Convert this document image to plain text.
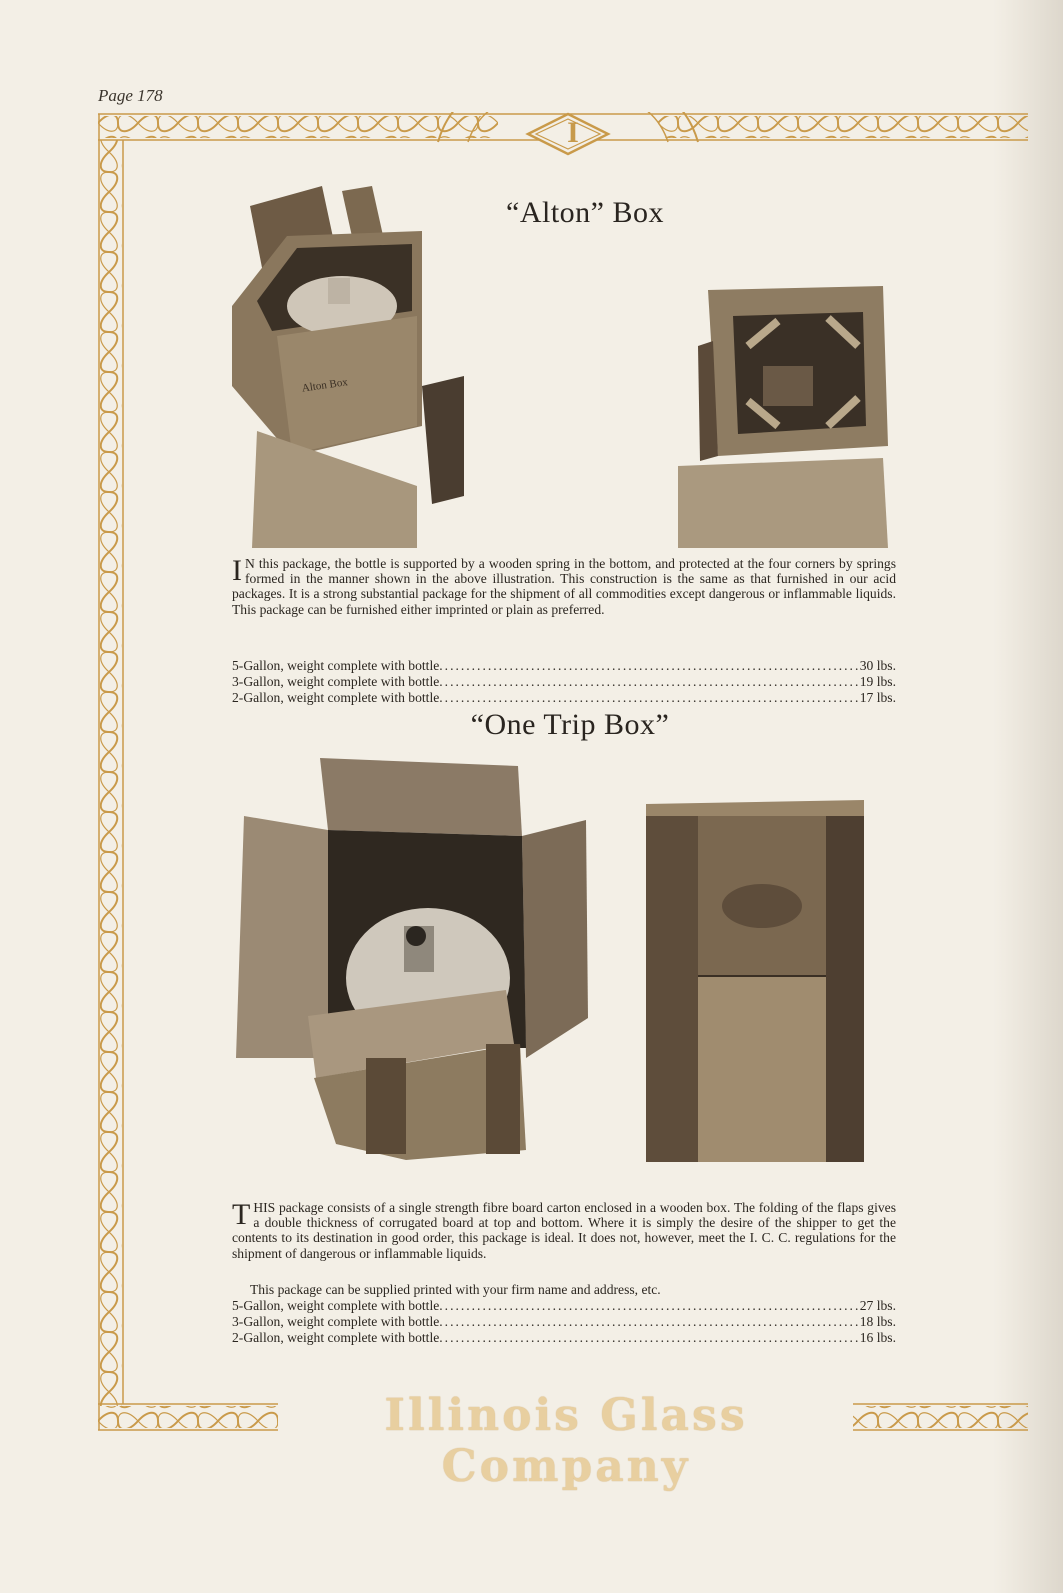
Page 178
I
“Alton” Box
Alton Box
I N this package, the bottle is supported by a wooden spring in the bottom, and protected at the four corners by springs formed in the manner shown in the above illustration. This construction is the same as that furnished in our acid packages. It is a strong substantial package for the shipment of all commodities except dangerous or inflammable liquids. This package can be furnished either imprinted or plain as preferred.
5-Gallon, weight complete with bottle .....	30 lbs.
3-Gallon, weight complete with bottle .....	19 lbs.
2-Gallon, weight complete with bottle .....	17 lbs.
“One Trip Box”
THIS package consists of a single strength fibre board carton enclosed in a wooden box. The folding of the flaps gives a double thickness of corrugated board at top and bottom. Where it is simply the desire of the shipper to get the contents to its destination in good order, this package is ideal. It does not, however, meet the I. C. C. regulations for the shipment of dangerous or inflammable liquids.
This package can be supplied printed with your firm name and address, etc.
5-Gallon, weight complete with bottle .....	27 lbs.
3-Gallon, weight complete with bottle .....	18 lbs.
2-Gallon, weight complete with bottle .....	16 lbs.
Illinois Glass Company
